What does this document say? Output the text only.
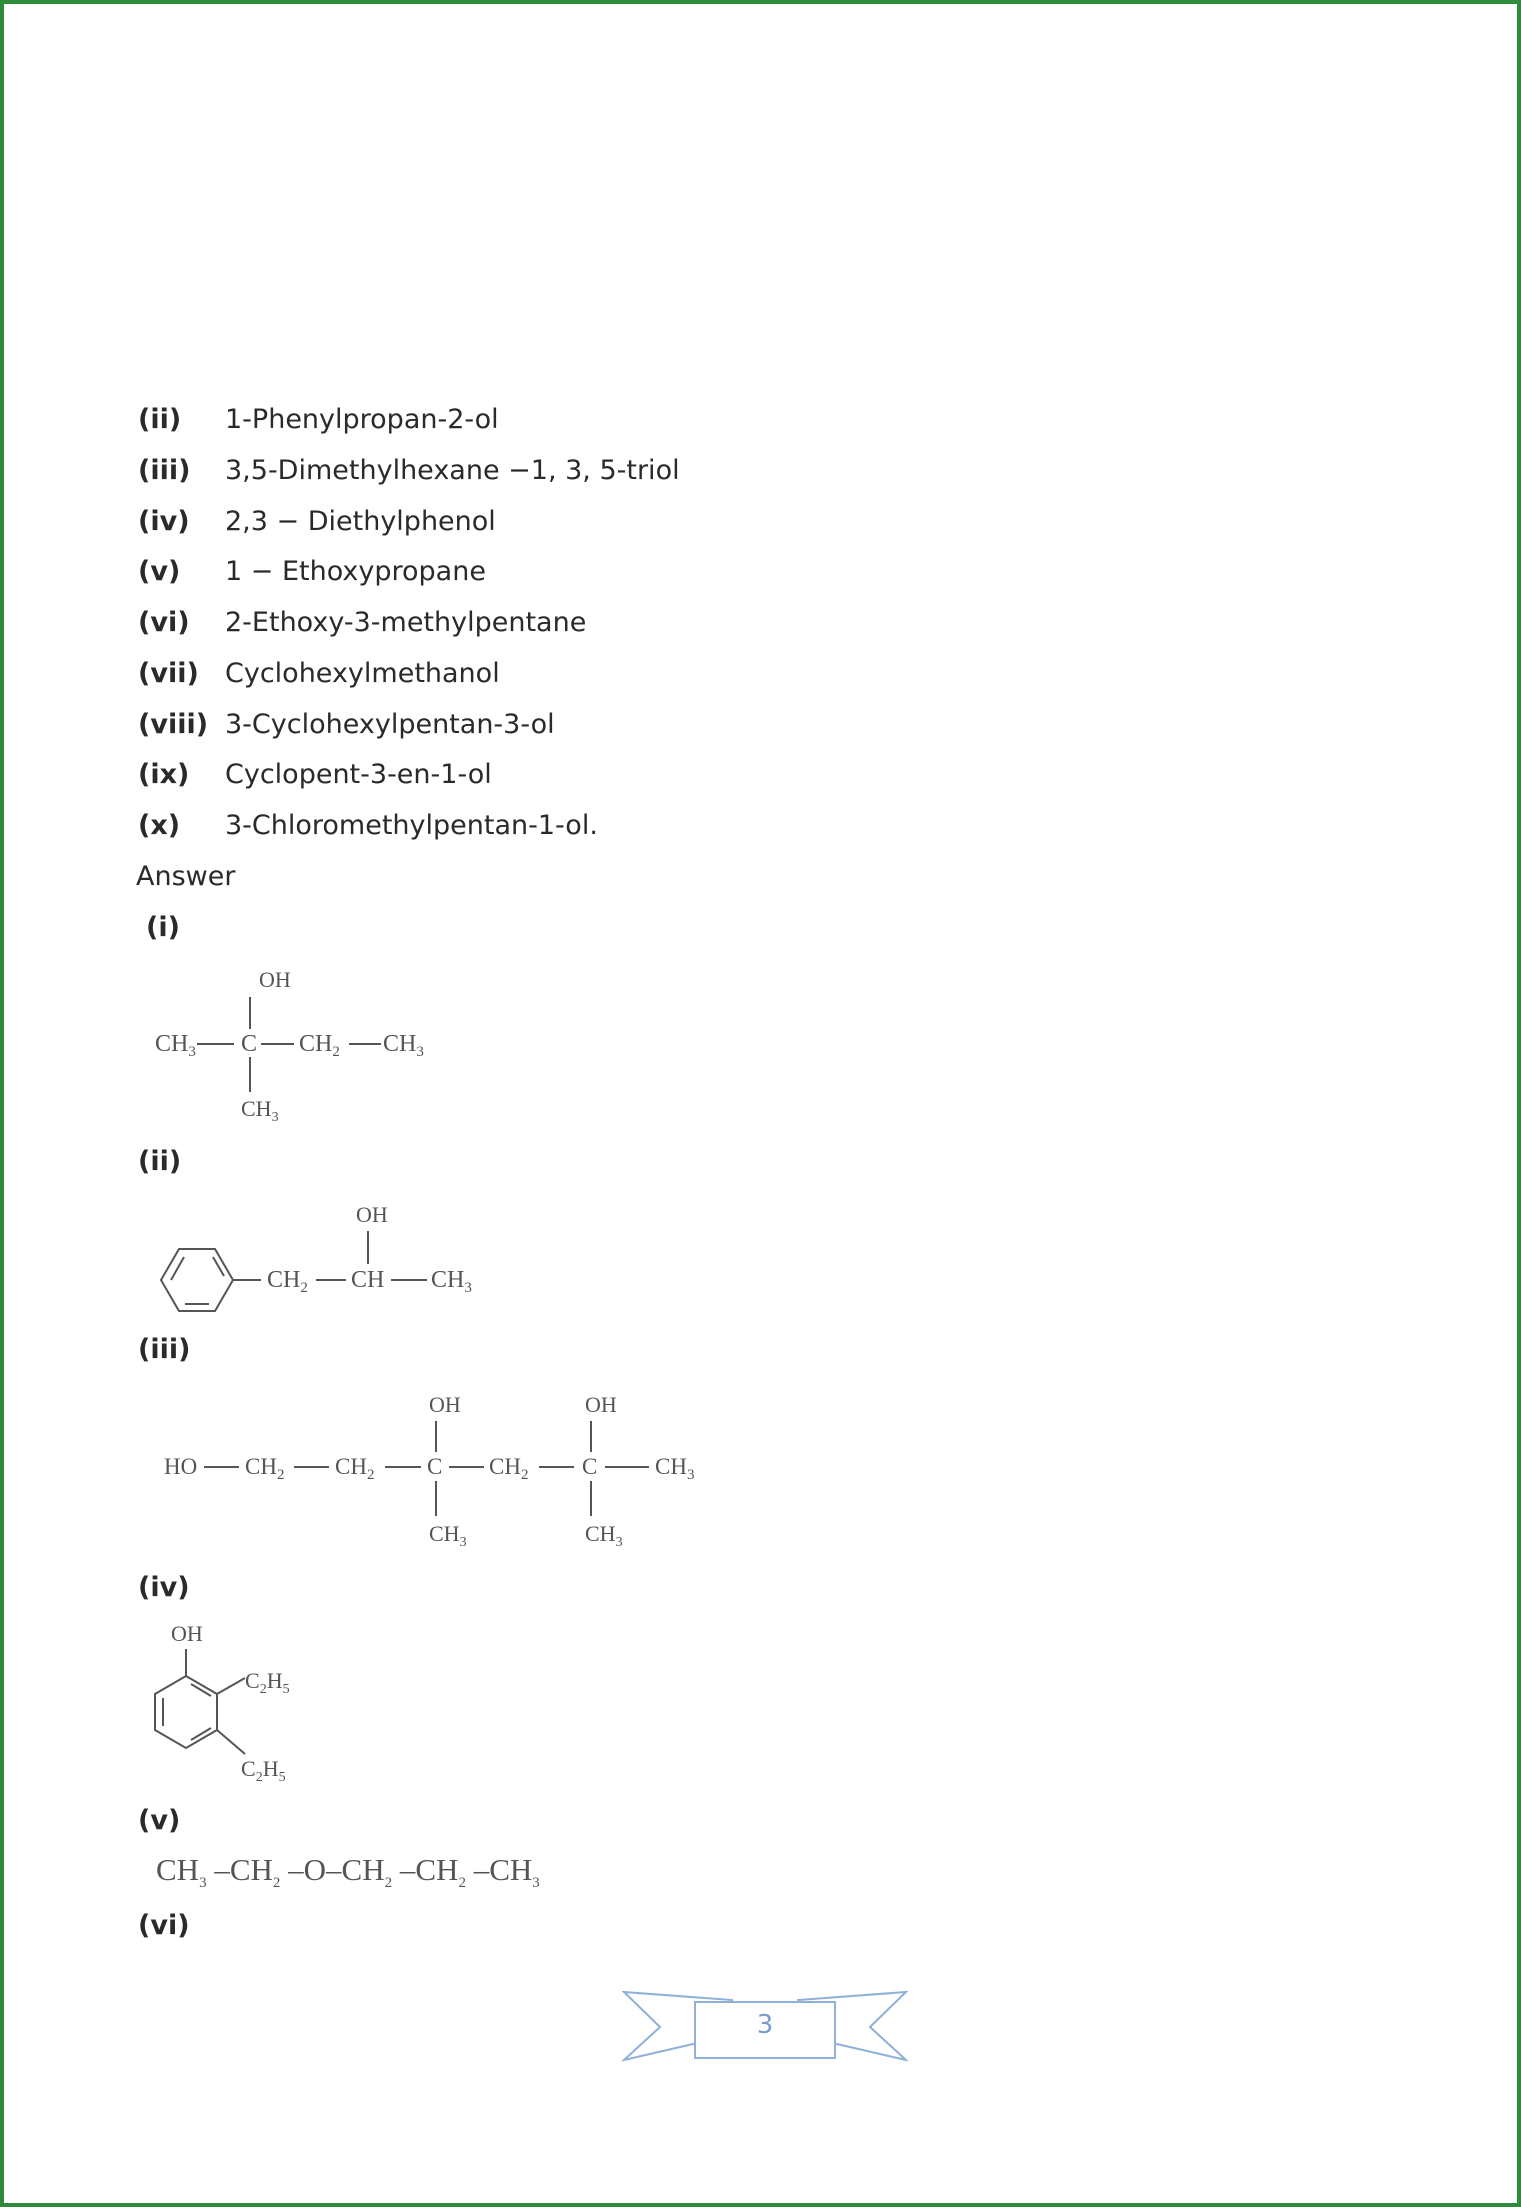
(ii) 1-Phenylpropan-2-ol
(iii) 3,5-Dimethylhexane −1, 3, 5-triol
(iv) 2,3 − Diethylphenol
(v) 1 − Ethoxypropane
(vi) 2-Ethoxy-3-methylpentane
(vii) Cyclohexylmethanol
(viii) 3-Cyclohexylpentan-3-ol
(ix) Cyclopent-3-en-1-ol
(x) 3-Chloromethylpentan-1-ol.
Answer
(i)
OH
$CH_3$ C $CH_2$ $CH_3$
$CH_3$
(ii)
$CH_2$ CH
OH
$CH_3$
(iii)
HO $CH_2$ $CH_2$ C
OH
$CH_3$
$CH_2$ C
OH
$CH_3$
$CH_3$
(iv)
OH
$C_2H_5$
$C_2H_5$
(v)
$CH_3$ $-CH_2$ $-O-CH_2$ $-CH_2$ $-CH_3$
(vi)
3
